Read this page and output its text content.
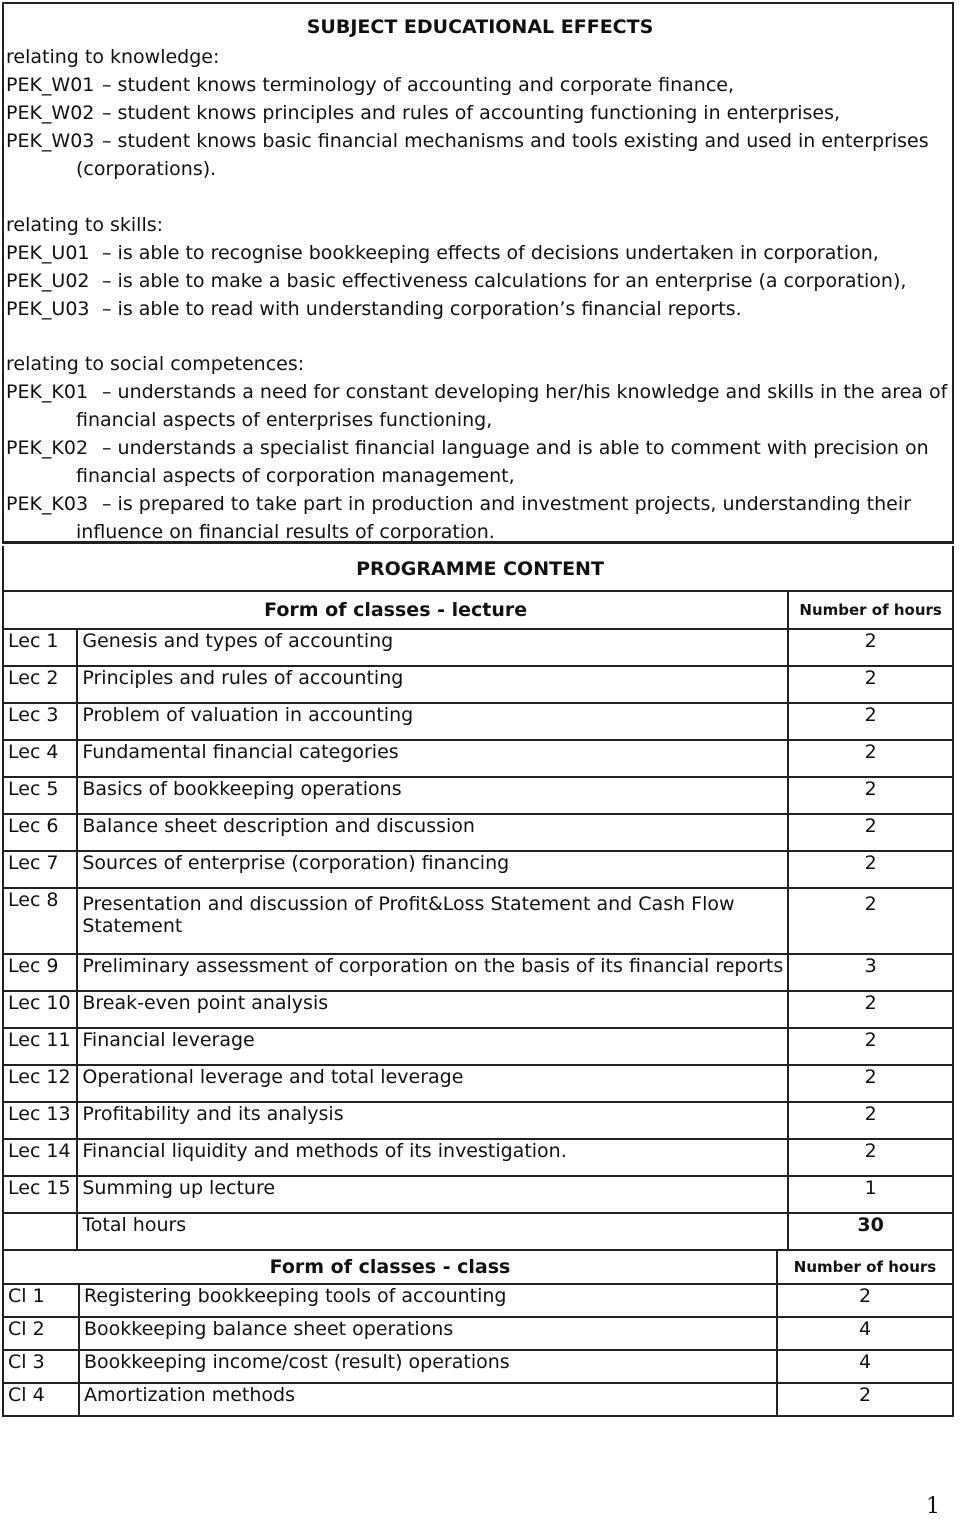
SUBJECT EDUCATIONAL EFFECTS
relating to knowledge:
PEK_W01 – student knows terminology of accounting and corporate finance,
PEK_W02 – student knows principles and rules of accounting functioning in enterprises,
PEK_W03 – student knows basic financial mechanisms and tools existing and used in enterprises
(corporations).
relating to skills:
PEK_U01 – is able to recognise bookkeeping effects of decisions undertaken in corporation,
PEK_U02 – is able to make a basic effectiveness calculations for an enterprise (a corporation),
PEK_U03 – is able to read with understanding corporation’s financial reports.
relating to social competences:
PEK_K01 – understands a need for constant developing her/his knowledge and skills in the area of
financial aspects of enterprises functioning,
PEK_K02 – understands a specialist financial language and is able to comment with precision on
financial aspects of corporation management,
PEK_K03 – is prepared to take part in production and investment projects, understanding their
influence on financial results of corporation.
PROGRAMME CONTENT
Form of classes - lecture		Number of hours
Lec 1	Genesis and types of accounting	2
Lec 2	Principles and rules of accounting	2
Lec 3	Problem of valuation in accounting	2
Lec 4	Fundamental financial categories	2
Lec 5	Basics of bookkeeping operations	2
Lec 6	Balance sheet description and discussion	2
Lec 7	Sources of enterprise (corporation) financing	2
Lec 8	Presentation and discussion of Profit&Loss Statement and Cash Flow
Statement	2
Lec 9	Preliminary assessment of corporation on the basis of its financial reports	3
Lec 10	Break-even point analysis	2
Lec 11	Financial leverage	2
Lec 12	Operational leverage and total leverage	2
Lec 13	Profitability and its analysis	2
Lec 14	Financial liquidity and methods of its investigation.	2
Lec 15	Summing up lecture	1
	Total hours	30
Form of classes - class		Number of hours
Cl 1	Registering bookkeeping tools of accounting	2
Cl 2	Bookkeeping balance sheet operations	4
Cl 3	Bookkeeping income/cost (result) operations	4
Cl 4	Amortization methods	2
1
